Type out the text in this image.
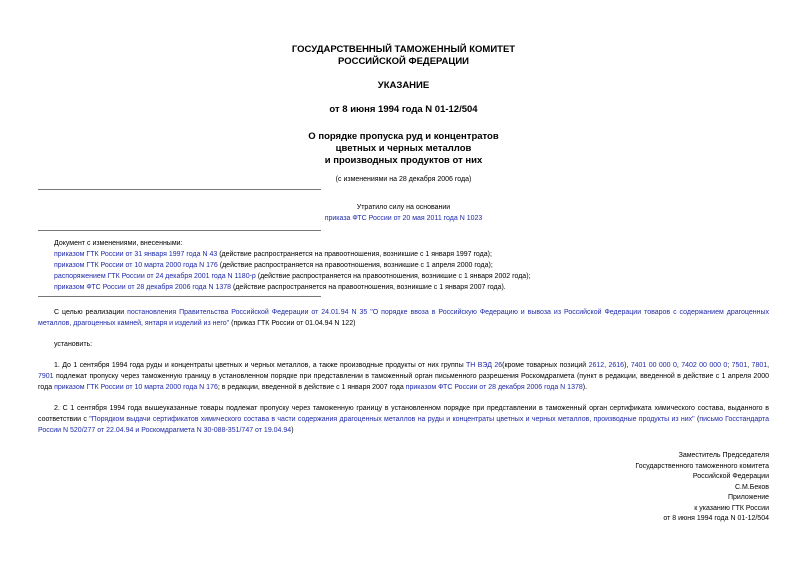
ГОСУДАРСТВЕННЫЙ ТАМОЖЕННЫЙ КОМИТЕТ
РОССИЙСКОЙ ФЕДЕРАЦИИ
УКАЗАНИЕ
от 8 июня 1994 года N 01-12/504
О порядке пропуска руд и концентратов
цветных и черных металлов
и производных продуктов от них
(с изменениями на 28 декабря 2006 года)
Утратило силу на основании
приказа ФТС России от 20 мая 2011 года N 1023
Документ с изменениями, внесенными:
приказом ГТК России от 31 января 1997 года N 43 (действие распространяется на правоотношения, возникшие с 1 января 1997 года);
приказом ГТК России от 10 марта 2000 года N 176 (действие распространяется на правоотношения, возникшие с 1 апреля 2000 года);
распоряжением ГТК России от 24 декабря 2001 года N 1180-р (действие распространяется на правоотношения, возникшие с 1 января 2002 года);
приказом ФТС России от 28 декабря 2006 года N 1378 (действие распространяется на правоотношения, возникшие с 1 января 2007 года).
С целью реализации постановления Правительства Российской Федерации от 24.01.94 N 35 "О порядке ввоза в Российскую Федерацию и вывоза из Российской Федерации товаров с содержанием драгоценных металлов, драгоценных камней, янтаря и изделий из него" (приказ ГТК России от 01.04.94 N 122)
установить:
1. До 1 сентября 1994 года руды и концентраты цветных и черных металлов, а также производные продукты от них группы ТН ВЭД 26(кроме товарных позиций 2612, 2616), 7401 00 000 0, 7402 00 000 0; 7501, 7801, 7901 подлежат пропуску через таможенную границу в установленном порядке при представлении в таможенный орган письменного разрешения Роскомдрагмета (пункт в редакции, введенной в действие с 1 апреля 2000 года приказом ГТК России от 10 марта 2000 года N 176; в редакции, введенной в действие с 1 января 2007 года приказом ФТС России от 28 декабря 2006 года N 1378).
2. С 1 сентября 1994 года вышеуказанные товары подлежат пропуску через таможенную границу в установленном порядке при представлении в таможенный орган сертификата химического состава, выданного в соответствии с "Порядком выдачи сертификатов химического состава в части содержания драгоценных металлов на руды и концентраты цветных и черных металлов, производные продукты из них" (письмо Госстандарта России N 520/277 от 22.04.94 и Роскомдрагмета N 30-088-351/747 от 19.04.94)
Заместитель Председателя
Государственного таможенного комитета
Российской Федерации
С.М.Беков
Приложение
к указанию ГТК России
от 8 июня 1994 года N 01-12/504
